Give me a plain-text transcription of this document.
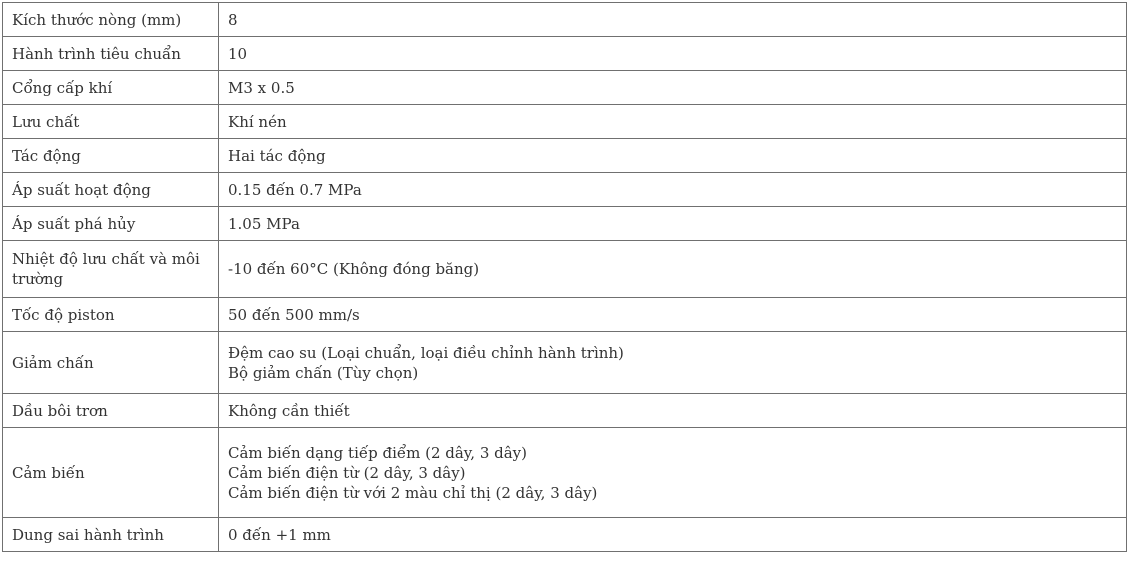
Kích thước nòng (mm)	8
Hành trình tiêu chuẩn	10
Cổng cấp khí	M3 x 0.5
Lưu chất	Khí nén
Tác động	Hai tác động
Áp suất hoạt động	0.15 đến 0.7 MPa
Áp suất phá hủy	1.05 MPa
Nhiệt độ lưu chất và môi trường	-10 đến 60°C (Không đóng băng)
Tốc độ piston	50 đến 500 mm/s
Giảm chấn	Đệm cao su (Loại chuẩn, loại điều chỉnh hành trình)
Bộ giảm chấn (Tùy chọn)

Dầu bôi trơn	Không cần thiết
Cảm biến	Cảm biến dạng tiếp điểm (2 dây, 3 dây)
Cảm biến điện từ (2 dây, 3 dây)
Cảm biến điện từ với 2 màu chỉ thị (2 dây, 3 dây)

Dung sai hành trình	0 đến +1 mm
